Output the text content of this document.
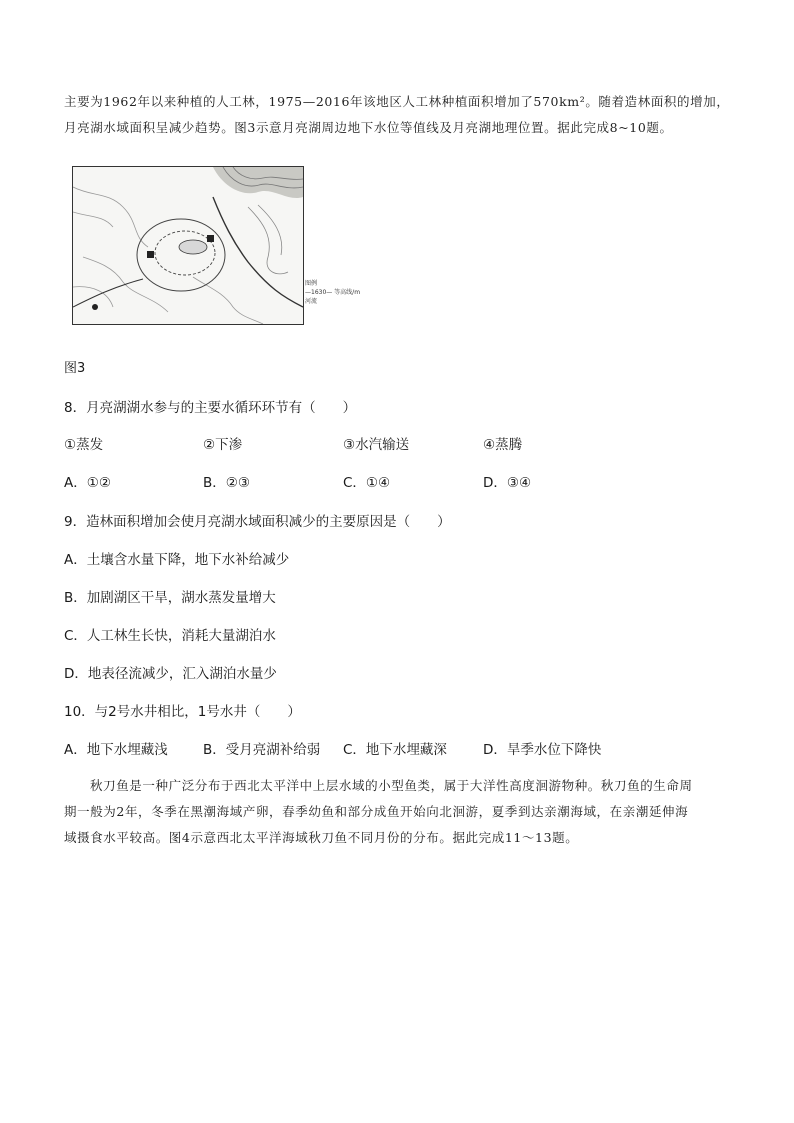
主要为1962年以来种植的人工林，1975—2016年该地区人工林种植面积增加了570km²。随着造林面积的增加，
月亮湖水域面积呈减少趋势。图3示意月亮湖周边地下水位等值线及月亮湖地理位置。据此完成8~10题。
图例
—1630— 等高线/m
河流
图3
8．月亮湖湖水参与的主要水循环环节有（　　）
①蒸发	②下渗	③水汽输送	④蒸腾
A．①②	B．②③	C．①④	D．③④
9．造林面积增加会使月亮湖水域面积减少的主要原因是（　　）
A．土壤含水量下降，地下水补给减少
B．加剧湖区干旱，湖水蒸发量增大
C．人工林生长快，消耗大量湖泊水
D．地表径流减少，汇入湖泊水量少
10．与2号水井相比，1号水井（　　）
A．地下水埋藏浅	B．受月亮湖补给弱 C．地下水埋藏深	D．旱季水位下降快
秋刀鱼是一种广泛分布于西北太平洋中上层水域的小型鱼类，属于大洋性高度洄游物种。秋刀鱼的生命周
期一般为2年，冬季在黑潮海域产卵，春季幼鱼和部分成鱼开始向北洄游，夏季到达亲潮海域，在亲潮延伸海
域摄食水平较高。图4示意西北太平洋海域秋刀鱼不同月份的分布。据此完成11～13题。
